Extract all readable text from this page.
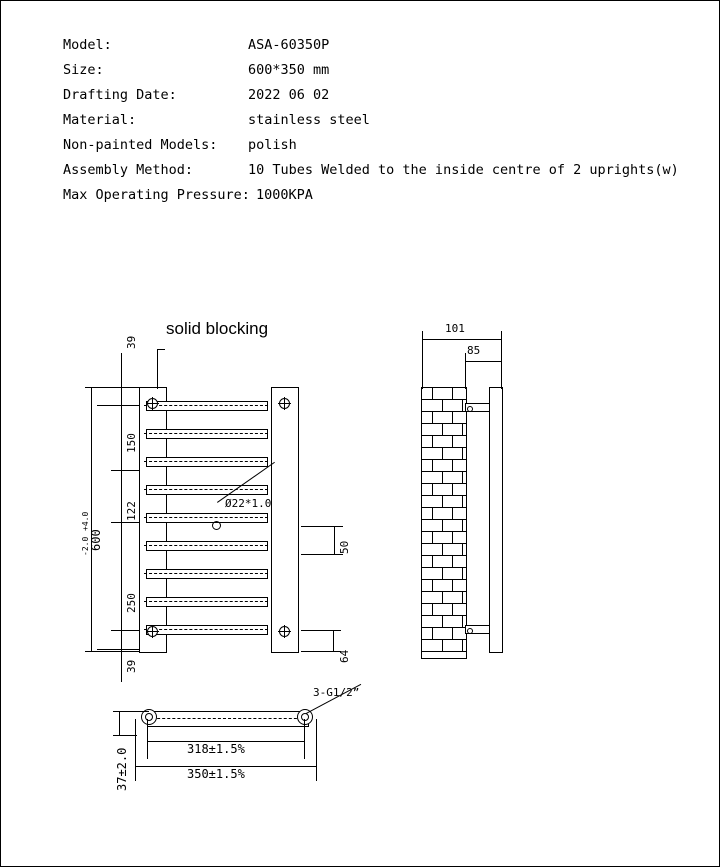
Model:	ASA-60350P
Size:	600*350 mm
Drafting Date:	2022 06 02
Material:	stainless steel
Non-painted Models:	polish
Assembly Method:	10 Tubes Welded to the inside centre of 2 uprights(w)
Max Operating Pressure: 1000KPA
solid blocking
Ø22*1.0
39
150
122
250
39
600
+4.0
-2.0	50
64
101
85
3-G1/2”
318±1.5%
350±1.5%
37±2.0
